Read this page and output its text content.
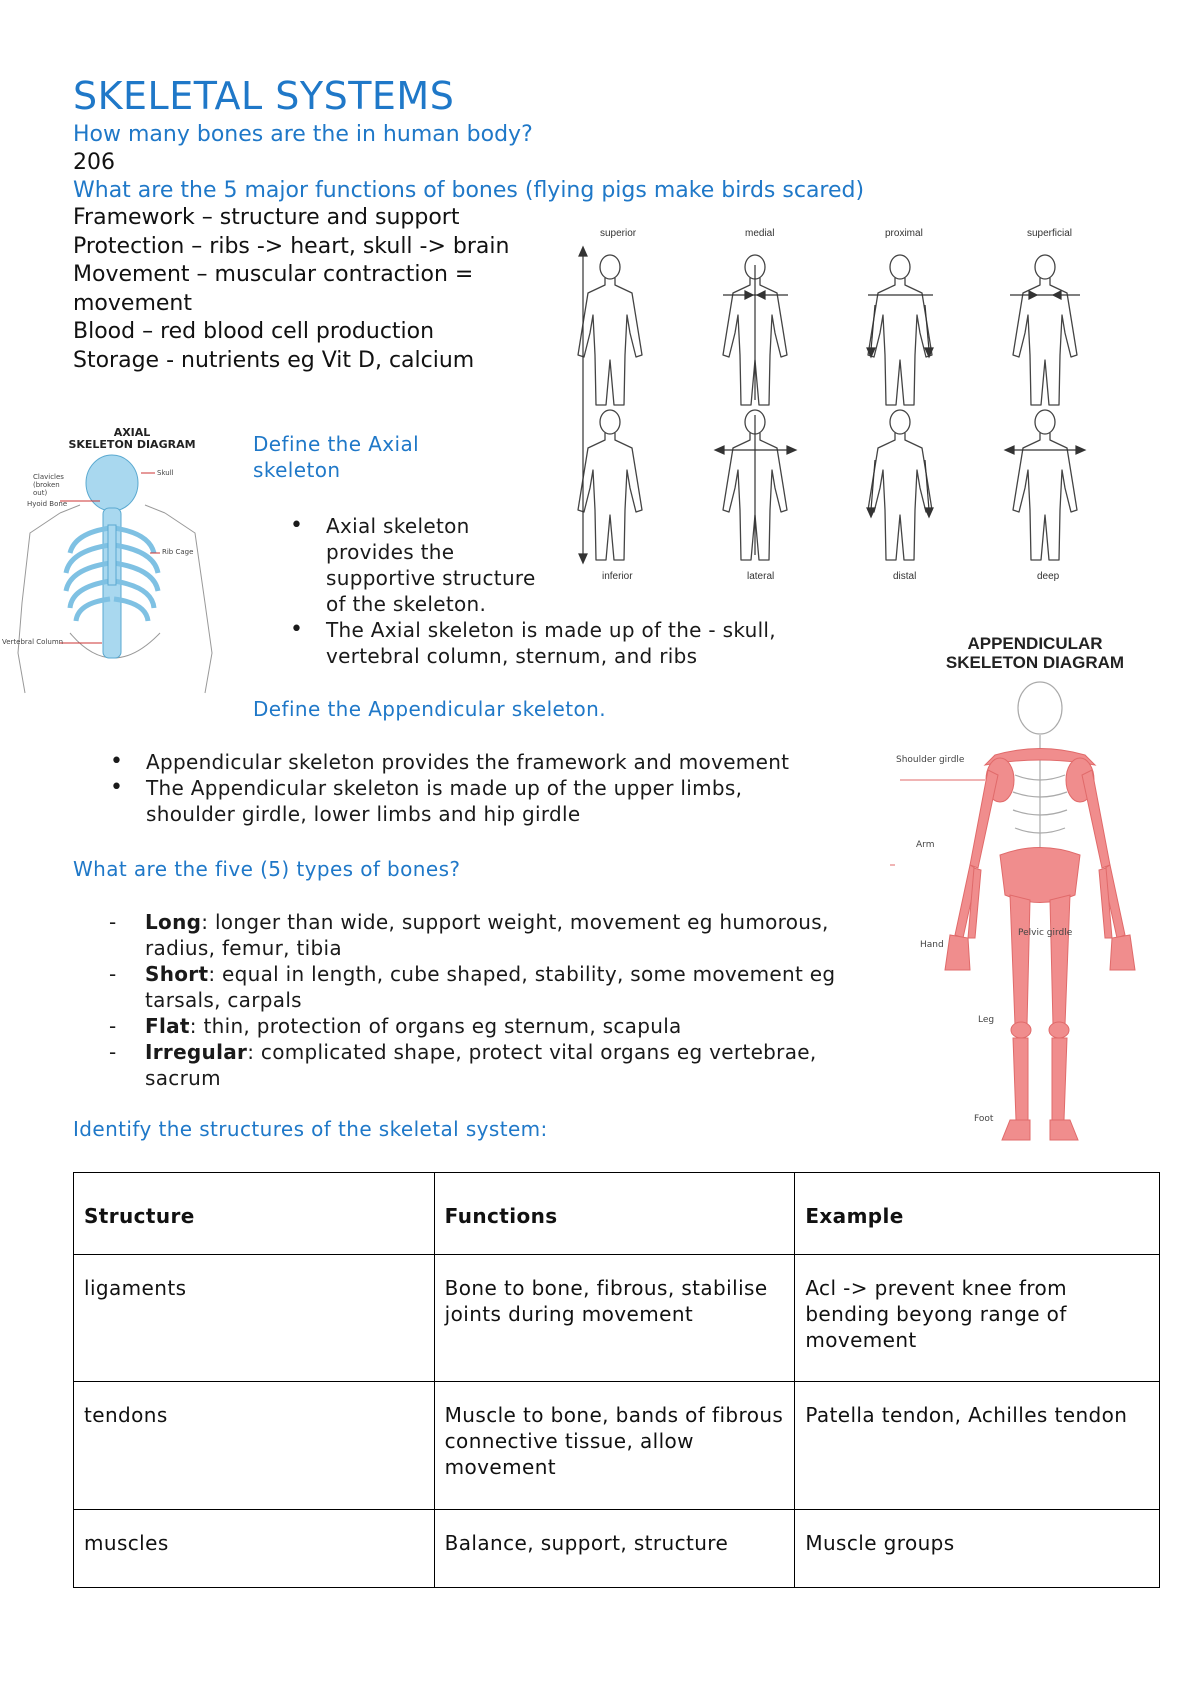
SKELETAL SYSTEMS
How many bones are the in human body?
206
What are the 5 major functions of bones (flying pigs make birds scared)
Framework – structure and support
Protection – ribs -> heart, skull -> brain
Movement – muscular contraction = movement
Blood – red blood cell production
Storage - nutrients eg Vit D, calcium
superior	medial	proximal	superficial
inferior	lateral	distal	deep
AXIAL
SKELETON DIAGRAM
Clavicles (broken out)
Hyoid Bone
Skull
Rib Cage
Vertebral Column
Define the Axial
skeleton
• Axial skeleton provides the supportive structure of the skeleton.
• The Axial skeleton is made up of the - skull, vertebral column, sternum, and ribs
APPENDICULAR
SKELETON DIAGRAM
Shoulder girdle
Arm
Hand
Pelvic girdle
Leg
Foot
Define the Appendicular skeleton.
• Appendicular skeleton provides the framework and movement
• The Appendicular skeleton is made up of the upper limbs, shoulder girdle, lower limbs and hip girdle
What are the five (5) types of bones?
- Long: longer than wide, support weight, movement eg humorous, radius, femur, tibia
- Short: equal in length, cube shaped, stability, some movement eg tarsals, carpals
- Flat: thin, protection of organs eg sternum, scapula
- Irregular: complicated shape, protect vital organs eg vertebrae, sacrum
Identify the structures of the skeletal system:
Structure	Functions	Example
ligaments	Bone to bone, fibrous, stabilise joints during movement	Acl -> prevent knee from bending beyong range of movement
tendons	Muscle to bone, bands of fibrous connective tissue, allow movement	Patella tendon, Achilles tendon
muscles	Balance, support, structure	Muscle groups
